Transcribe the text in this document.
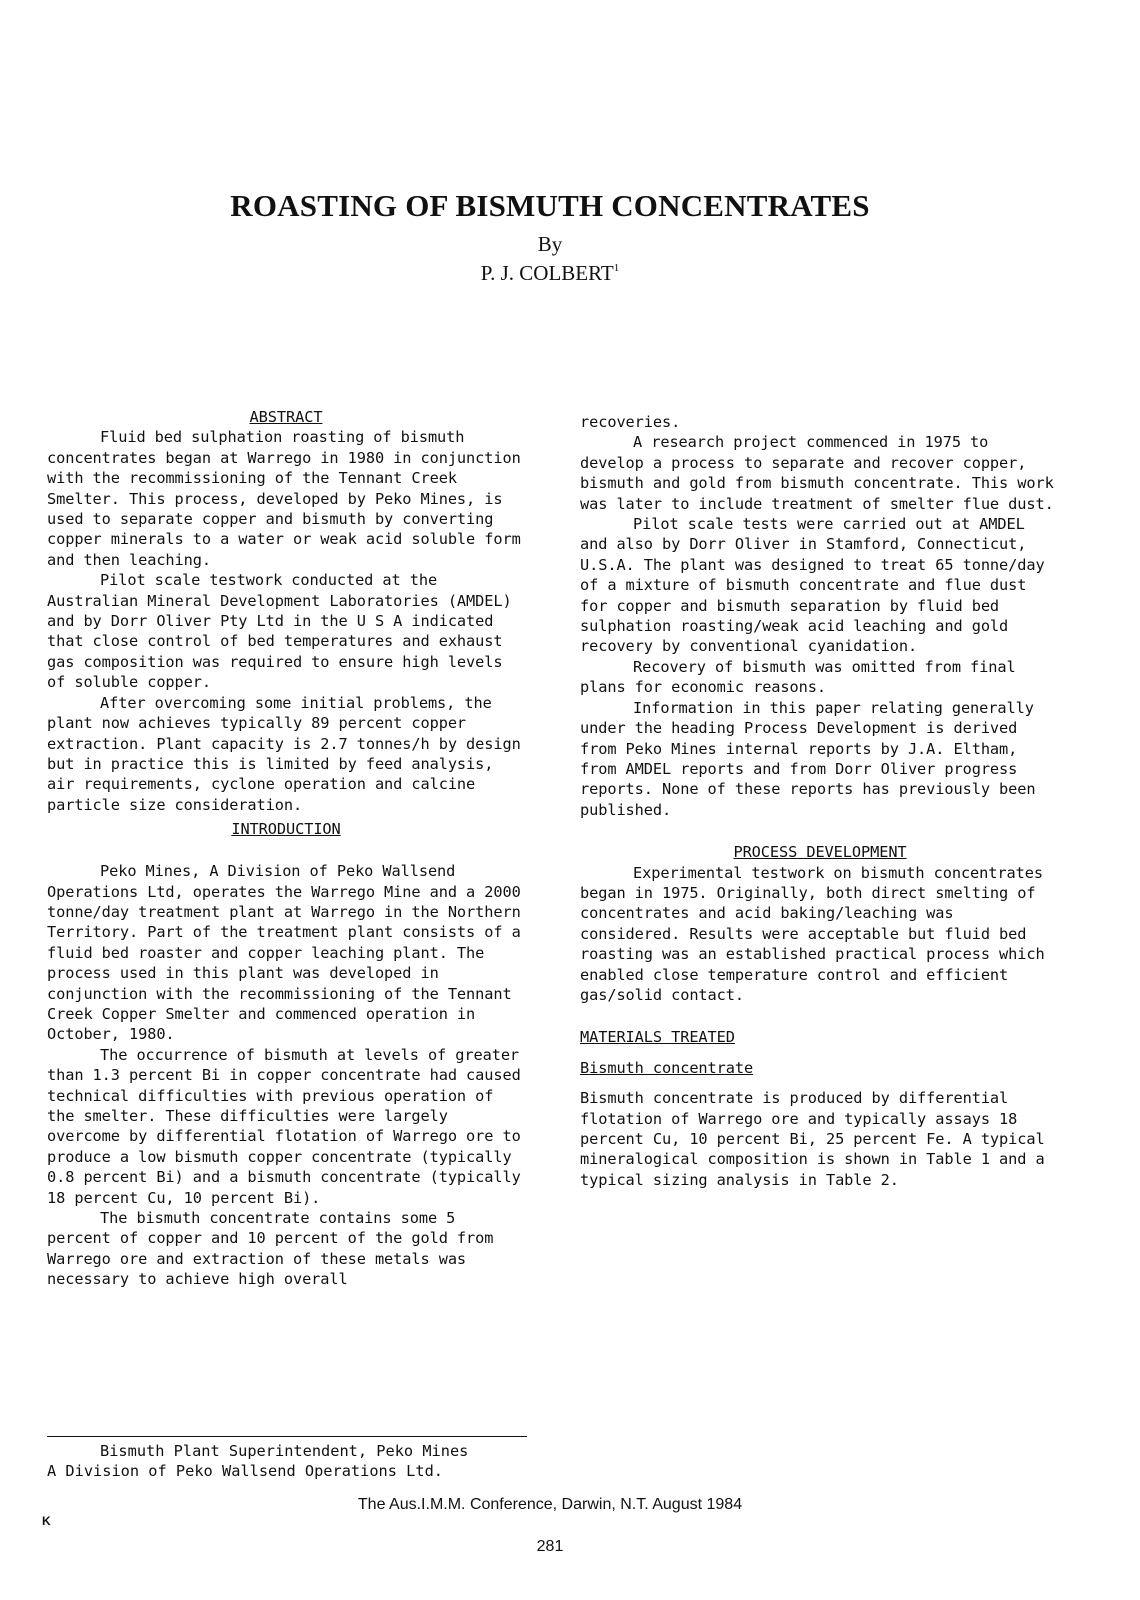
ROASTING OF BISMUTH CONCENTRATES
By
P. J. COLBERT$^1$
ABSTRACT

Fluid bed sulphation roasting of bismuth concentrates began at Warrego in 1980 in conjunction with the recommissioning of the Tennant Creek Smelter. This process, developed by Peko Mines, is used to separate copper and bismuth by converting copper minerals to a water or weak acid soluble form and then leaching.

Pilot scale testwork conducted at the Australian Mineral Development Laboratories (AMDEL) and by Dorr Oliver Pty Ltd in the U S A indicated that close control of bed temperatures and exhaust gas composition was required to ensure high levels of soluble copper.

After overcoming some initial problems, the plant now achieves typically 89 percent copper extraction. Plant capacity is 2.7 tonnes/h by design but in practice this is limited by feed analysis, air requirements, cyclone operation and calcine particle size consideration.

INTRODUCTION

Peko Mines, A Division of Peko Wallsend Operations Ltd, operates the Warrego Mine and a 2000 tonne/day treatment plant at Warrego in the Northern Territory. Part of the treatment plant consists of a fluid bed roaster and copper leaching plant. The process used in this plant was developed in conjunction with the recommissioning of the Tennant Creek Copper Smelter and commenced operation in October, 1980.

The occurrence of bismuth at levels of greater than 1.3 percent Bi in copper concentrate had caused technical difficulties with previous operation of the smelter. These difficulties were largely overcome by differential flotation of Warrego ore to produce a low bismuth copper concentrate (typically 0.8 percent Bi) and a bismuth concentrate (typically 18 percent Cu, 10 percent Bi).

The bismuth concentrate contains some 5 percent of copper and 10 percent of the gold from Warrego ore and extraction of these metals was necessary to achieve high overall

recoveries.

A research project commenced in 1975 to develop a process to separate and recover copper, bismuth and gold from bismuth concentrate. This work was later to include treatment of smelter flue dust.

Pilot scale tests were carried out at AMDEL and also by Dorr Oliver in Stamford, Connecticut, U.S.A. The plant was designed to treat 65 tonne/day of a mixture of bismuth concentrate and flue dust for copper and bismuth separation by fluid bed sulphation roasting/weak acid leaching and gold recovery by conventional cyanidation.

Recovery of bismuth was omitted from final plans for economic reasons.

Information in this paper relating generally under the heading Process Development is derived from Peko Mines internal reports by J.A. Eltham, from AMDEL reports and from Dorr Oliver progress reports. None of these reports has previously been published.

PROCESS DEVELOPMENT

Experimental testwork on bismuth concentrates began in 1975. Originally, both direct smelting of concentrates and acid baking/leaching was considered. Results were acceptable but fluid bed roasting was an established practical process which enabled close temperature control and efficient gas/solid contact.

MATERIALS TREATED
Bismuth concentrate

Bismuth concentrate is produced by differential flotation of Warrego ore and typically assays 18 percent Cu, 10 percent Bi, 25 percent Fe. A typical mineralogical composition is shown in Table 1 and a typical sizing analysis in Table 2.

Bismuth Plant Superintendent, Peko Mines

A Division of Peko Wallsend Operations Ltd.

The Aus.I.M.M. Conference, Darwin, N.T. August 1984
K
281
